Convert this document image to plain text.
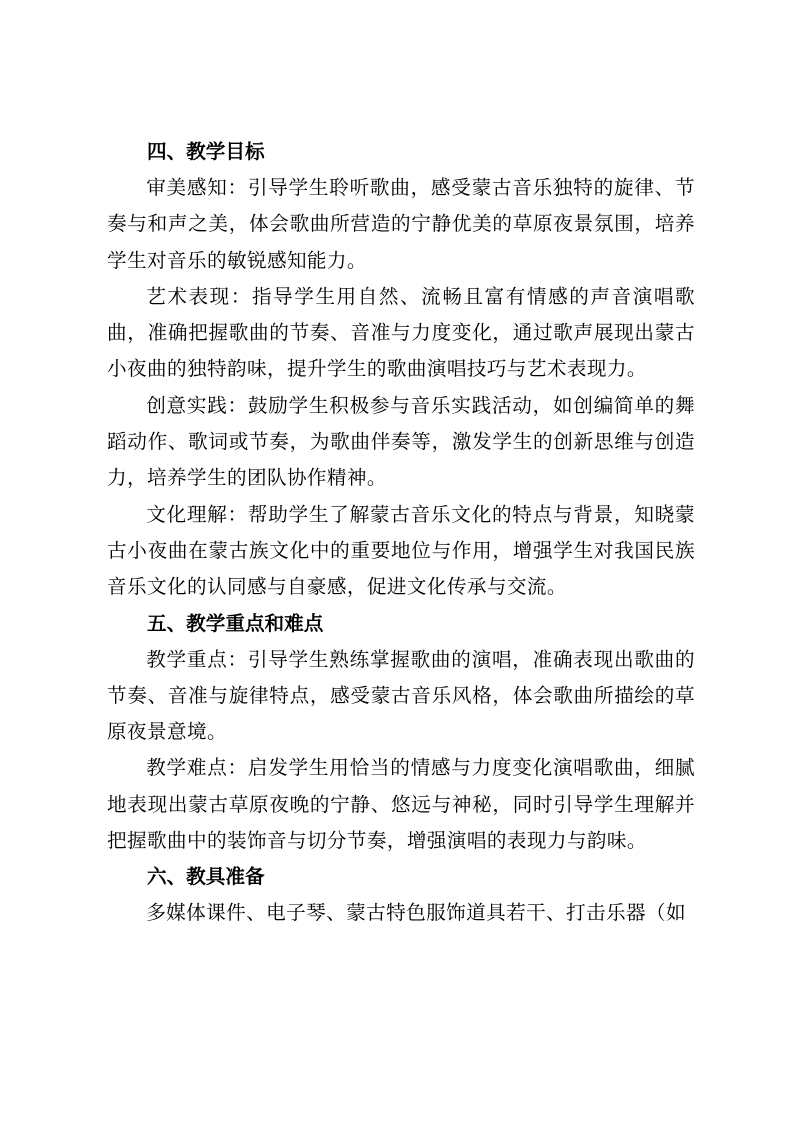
四、教学目标

审美感知：引导学生聆听歌曲，感受蒙古音乐独特的旋律、节奏与和声之美，体会歌曲所营造的宁静优美的草原夜景氛围，培养学生对音乐的敏锐感知能力。

艺术表现：指导学生用自然、流畅且富有情感的声音演唱歌曲，准确把握歌曲的节奏、音准与力度变化，通过歌声展现出蒙古小夜曲的独特韵味，提升学生的歌曲演唱技巧与艺术表现力。

创意实践：鼓励学生积极参与音乐实践活动，如创编简单的舞蹈动作、歌词或节奏，为歌曲伴奏等，激发学生的创新思维与创造力，培养学生的团队协作精神。

文化理解：帮助学生了解蒙古音乐文化的特点与背景，知晓蒙古小夜曲在蒙古族文化中的重要地位与作用，增强学生对我国民族音乐文化的认同感与自豪感，促进文化传承与交流。

五、教学重点和难点

教学重点：引导学生熟练掌握歌曲的演唱，准确表现出歌曲的节奏、音准与旋律特点，感受蒙古音乐风格，体会歌曲所描绘的草原夜景意境。

教学难点：启发学生用恰当的情感与力度变化演唱歌曲，细腻地表现出蒙古草原夜晚的宁静、悠远与神秘，同时引导学生理解并把握歌曲中的装饰音与切分节奏，增强演唱的表现力与韵味。

六、教具准备

多媒体课件、电子琴、蒙古特色服饰道具若干、打击乐器（如
